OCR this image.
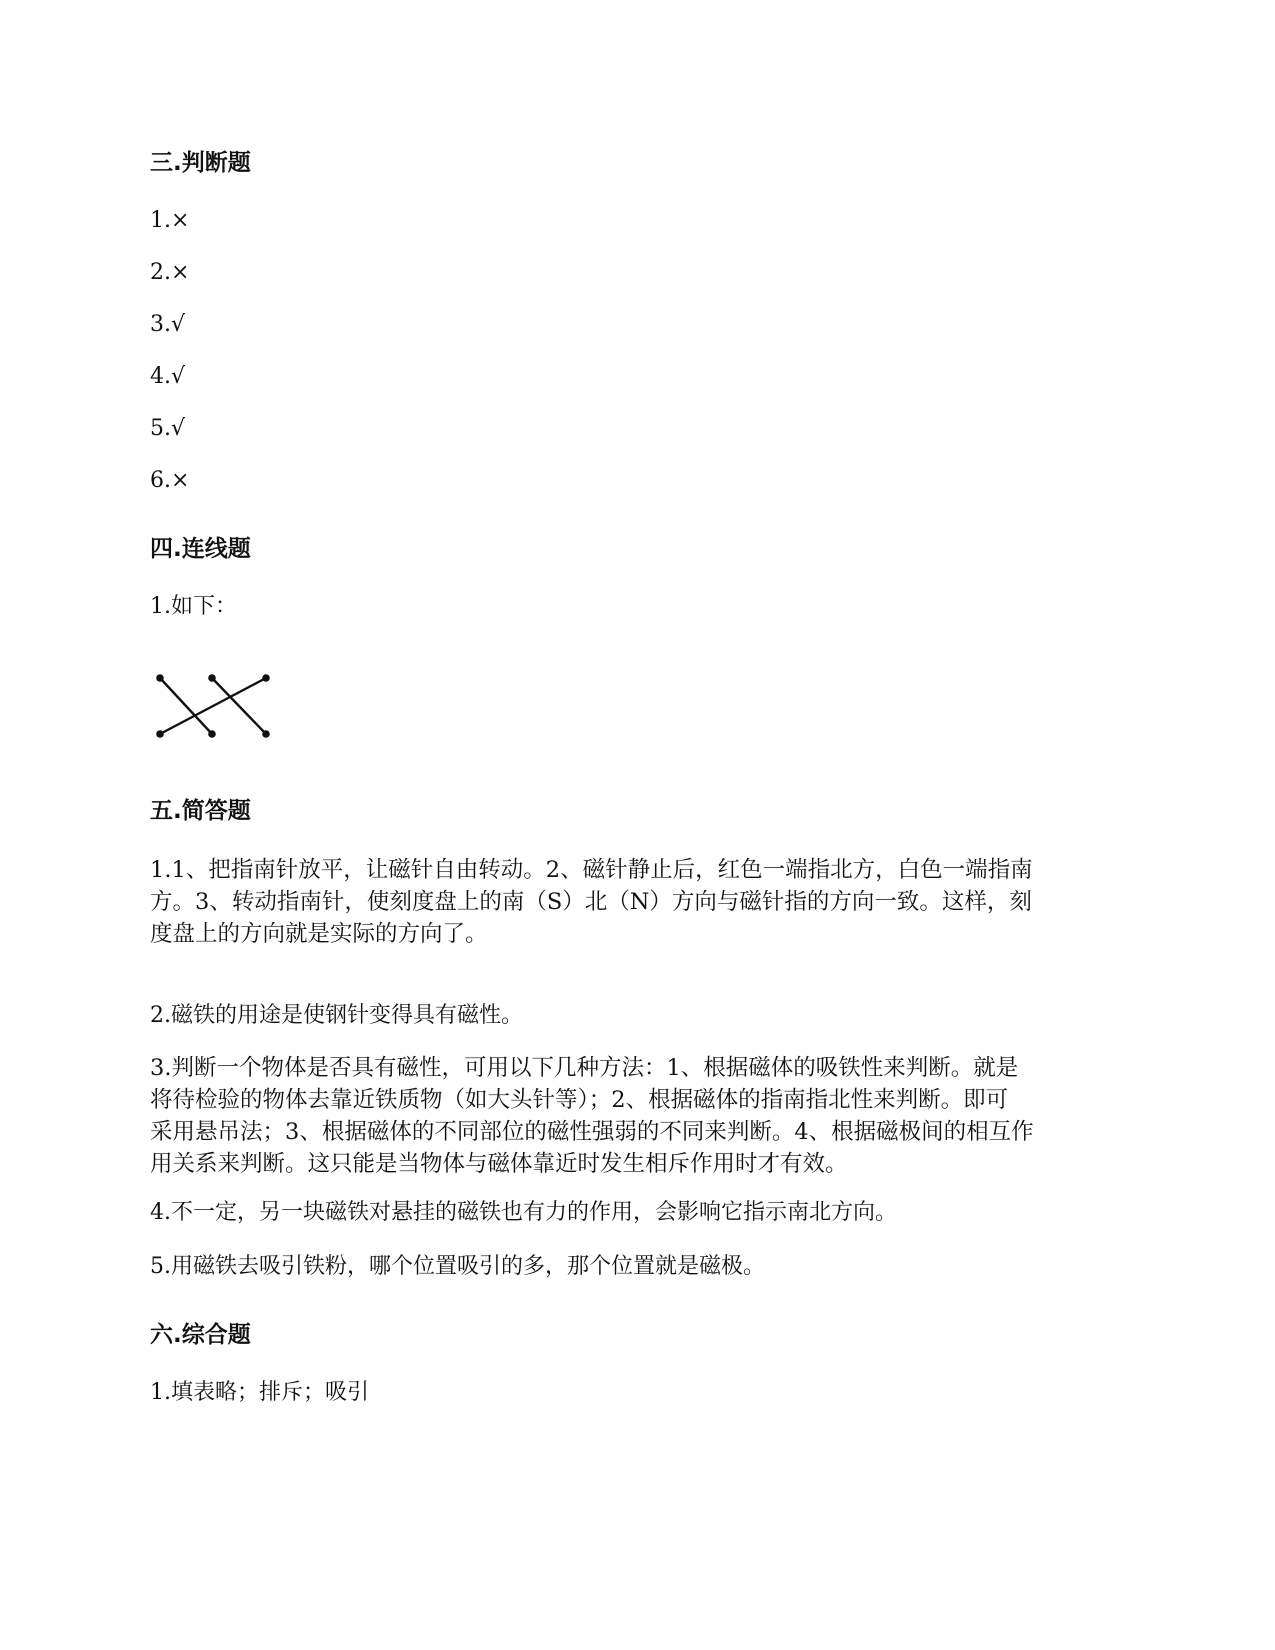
三.判断题
1.×
2.×
3.√
4.√
5.√
6.×
四.连线题
1.如下：
五.简答题
1.1、把指南针放平，让磁针自由转动。2、磁针静止后，红色一端指北方，白色一端指南
方。3、转动指南针，使刻度盘上的南（S）北（N）方向与磁针指的方向一致。这样，刻
度盘上的方向就是实际的方向了。
2.磁铁的用途是使钢针变得具有磁性。
3.判断一个物体是否具有磁性，可用以下几种方法：1、根据磁体的吸铁性来判断。就是
将待检验的物体去靠近铁质物（如大头针等）；2、根据磁体的指南指北性来判断。即可
采用悬吊法；3、根据磁体的不同部位的磁性强弱的不同来判断。4、根据磁极间的相互作
用关系来判断。这只能是当物体与磁体靠近时发生相斥作用时才有效。
4.不一定，另一块磁铁对悬挂的磁铁也有力的作用，会影响它指示南北方向。
5.用磁铁去吸引铁粉，哪个位置吸引的多，那个位置就是磁极。
六.综合题
1.填表略；排斥；吸引
